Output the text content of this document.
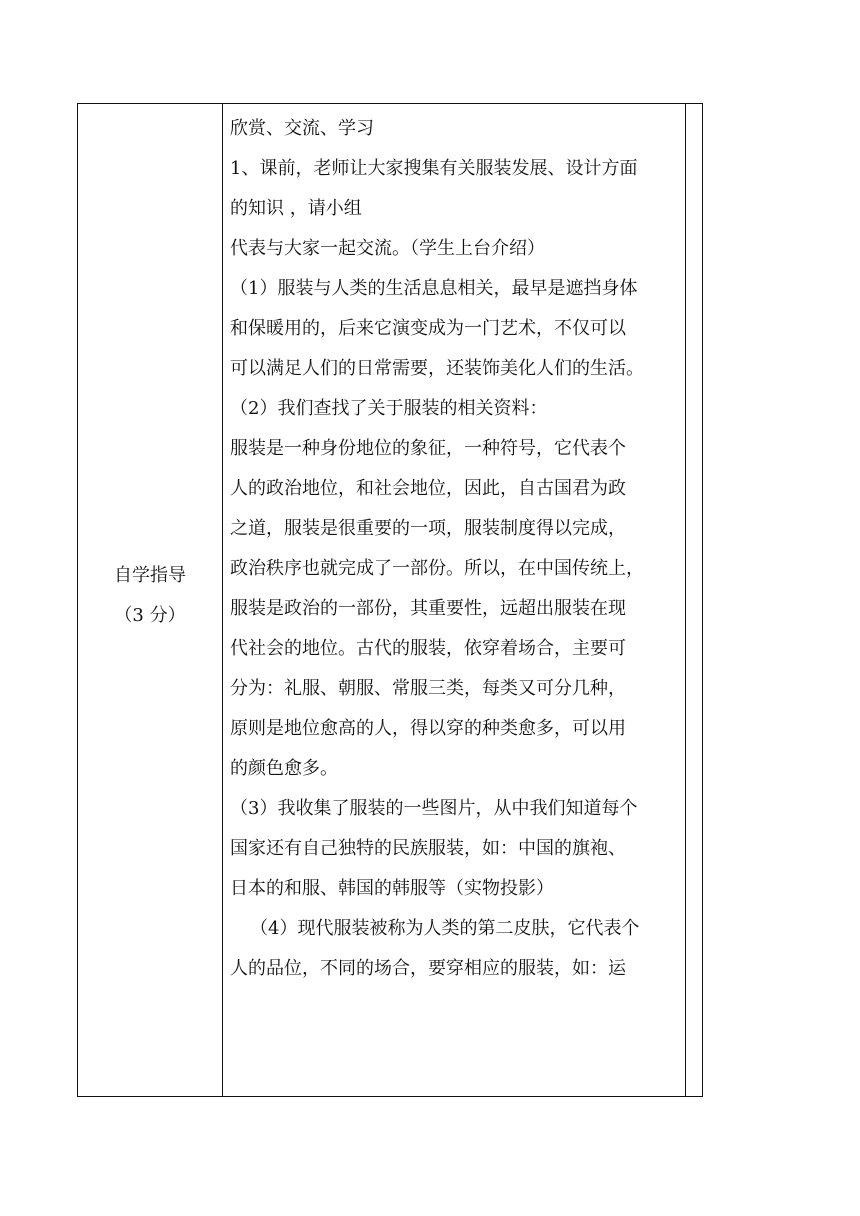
自学指导
（3 分）

欣赏、交流、学习

1、课前，老师让大家搜集有关服装发展、设计方面

的知识 ，请小组

代表与大家一起交流。（学生上台介绍）

（1）服装与人类的生活息息相关，最早是遮挡身体

和保暖用的，后来它演变成为一门艺术，不仅可以

可以满足人们的日常需要，还装饰美化人们的生活。

（2）我们查找了关于服装的相关资料：

服装是一种身份地位的象征，一种符号，它代表个

人的政治地位，和社会地位，因此，自古国君为政

之道，服装是很重要的一项，服装制度得以完成，

政治秩序也就完成了一部份。所以，在中国传统上，

服装是政治的一部份，其重要性，远超出服装在现

代社会的地位。古代的服装，依穿着场合，主要可

分为：礼服、朝服、常服三类，每类又可分几种，

原则是地位愈高的人，得以穿的种类愈多，可以用

的颜色愈多。

（3）我收集了服装的一些图片，从中我们知道每个

国家还有自己独特的民族服装，如：中国的旗袍、

日本的和服、韩国的韩服等（实物投影）

（4）现代服装被称为人类的第二皮肤，它代表个

人的品位，不同的场合，要穿相应的服装，如：运
